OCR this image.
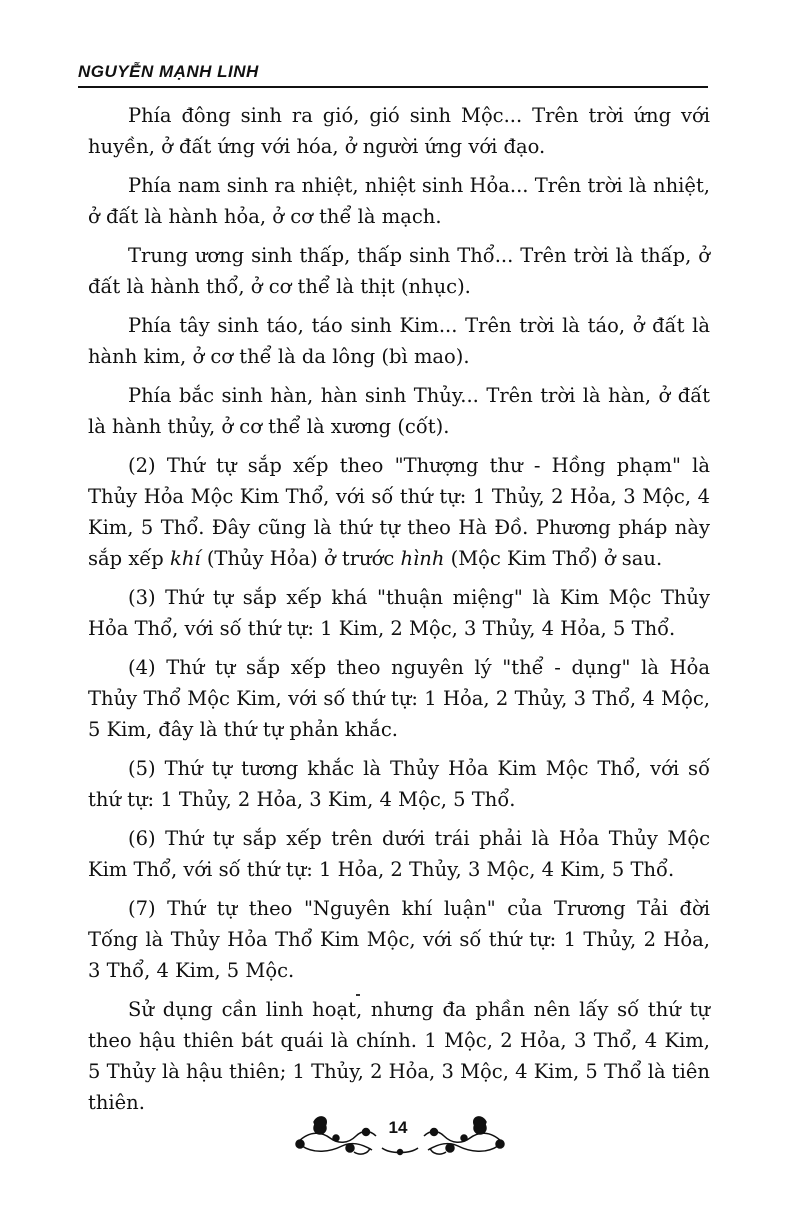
NGUYỄN MẠNH LINH

Phía đông sinh ra gió, gió sinh Mộc... Trên trời ứng với huyền, ở đất ứng với hóa, ở người ứng với đạo.

Phía nam sinh ra nhiệt, nhiệt sinh Hỏa... Trên trời là nhiệt, ở đất là hành hỏa, ở cơ thể là mạch.

Trung ương sinh thấp, thấp sinh Thổ... Trên trời là thấp, ở đất là hành thổ, ở cơ thể là thịt (nhục).

Phía tây sinh táo, táo sinh Kim... Trên trời là táo, ở đất là hành kim, ở cơ thể là da lông (bì mao).

Phía bắc sinh hàn, hàn sinh Thủy... Trên trời là hàn, ở đất là hành thủy, ở cơ thể là xương (cốt).

(2) Thứ tự sắp xếp theo "Thượng thư - Hồng phạm" là Thủy Hỏa Mộc Kim Thổ, với số thứ tự: 1 Thủy, 2 Hỏa, 3 Mộc, 4 Kim, 5 Thổ. Đây cũng là thứ tự theo Hà Đồ. Phương pháp này sắp xếp khí (Thủy Hỏa) ở trước hình (Mộc Kim Thổ) ở sau.

(3) Thứ tự sắp xếp khá "thuận miệng" là Kim Mộc Thủy Hỏa Thổ, với số thứ tự: 1 Kim, 2 Mộc, 3 Thủy, 4 Hỏa, 5 Thổ.

(4) Thứ tự sắp xếp theo nguyên lý "thể - dụng" là Hỏa Thủy Thổ Mộc Kim, với số thứ tự: 1 Hỏa, 2 Thủy, 3 Thổ, 4 Mộc, 5 Kim, đây là thứ tự phản khắc.

(5) Thứ tự tương khắc là Thủy Hỏa Kim Mộc Thổ, với số thứ tự: 1 Thủy, 2 Hỏa, 3 Kim, 4 Mộc, 5 Thổ.

(6) Thứ tự sắp xếp trên dưới trái phải là Hỏa Thủy Mộc Kim Thổ, với số thứ tự: 1 Hỏa, 2 Thủy, 3 Mộc, 4 Kim, 5 Thổ.

(7) Thứ tự theo "Nguyên khí luận" của Trương Tải đời Tống là Thủy Hỏa Thổ Kim Mộc, với số thứ tự: 1 Thủy, 2 Hỏa, 3 Thổ, 4 Kim, 5 Mộc.

Sử dụng cần linh hoạt, nhưng đa phần nên lấy số thứ tự theo hậu thiên bát quái là chính. 1 Mộc, 2 Hỏa, 3 Thổ, 4 Kim, 5 Thủy là hậu thiên; 1 Thủy, 2 Hỏa, 3 Mộc, 4 Kim, 5 Thổ là tiên thiên.

14
